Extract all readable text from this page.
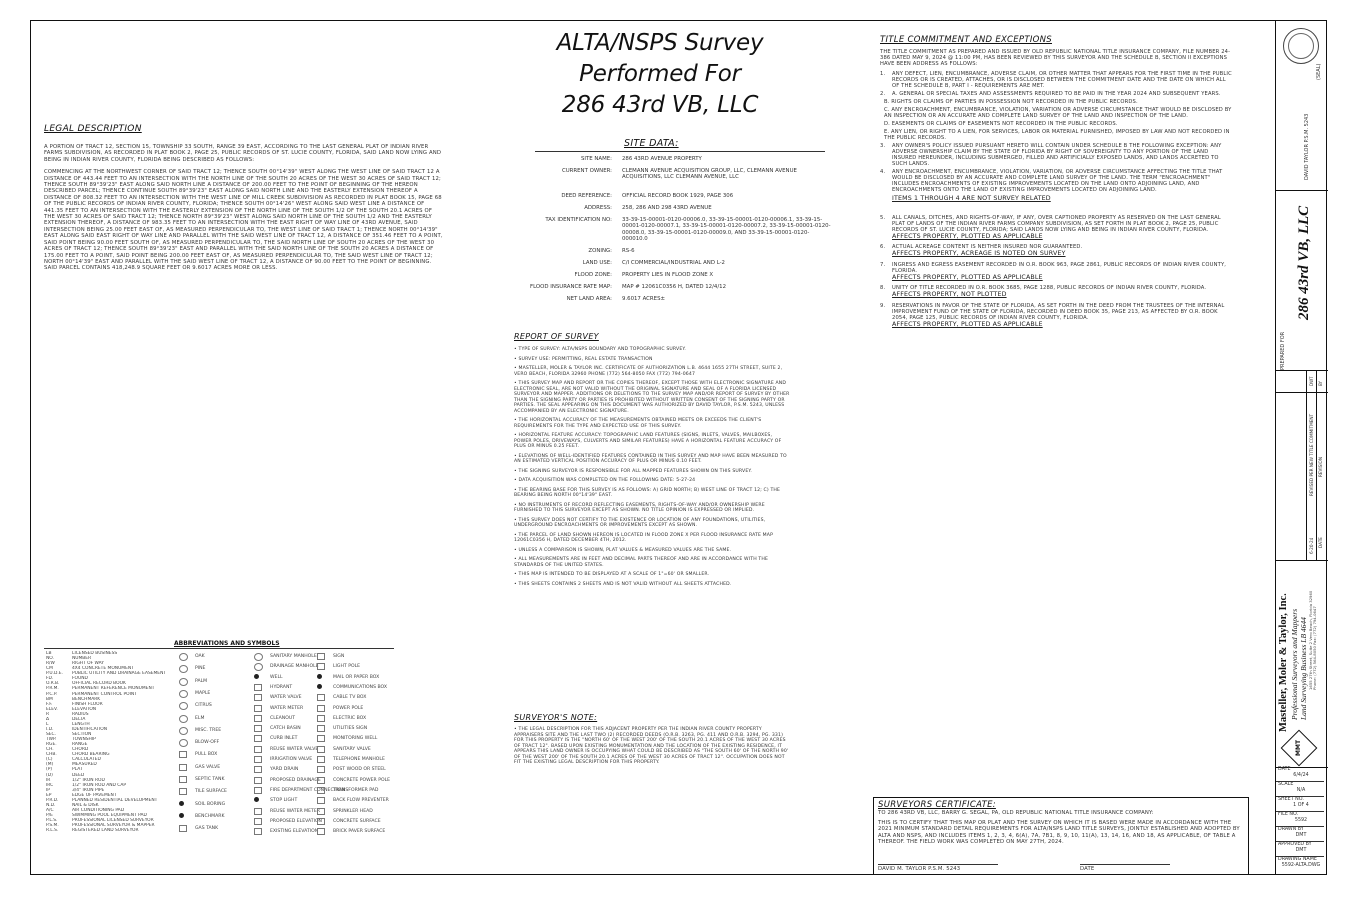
ALTA/NSPS Survey
Performed For
286 43rd VB, LLC
LEGAL DESCRIPTION
A PORTION OF TRACT 12, SECTION 15, TOWNSHIP 33 SOUTH, RANGE 39 EAST, ACCORDING TO THE LAST GENERAL PLAT OF INDIAN RIVER FARMS SUBDIVISION, AS RECORDED IN PLAT BOOK 2, PAGE 25, PUBLIC RECORDS OF ST. LUCIE COUNTY, FLORIDA, SAID LAND NOW LYING AND BEING IN INDIAN RIVER COUNTY, FLORIDA BEING DESCRIBED AS FOLLOWS:
COMMENCING AT THE NORTHWEST CORNER OF SAID TRACT 12; THENCE SOUTH 00°14'39" WEST ALONG THE WEST LINE OF SAID TRACT 12 A DISTANCE OF 443.44 FEET TO AN INTERSECTION WITH THE NORTH LINE OF THE SOUTH 20 ACRES OF THE WEST 30 ACRES OF SAID TRACT 12; THENCE SOUTH 89°39'23" EAST ALONG SAID NORTH LINE A DISTANCE OF 200.00 FEET TO THE POINT OF BEGINNING OF THE HEREON DESCRIBED PARCEL; THENCE CONTINUE SOUTH 89°39'23" EAST ALONG SAID NORTH LINE AND THE EASTERLY EXTENSION THEREOF A DISTANCE OF 808.32 FEET TO AN INTERSECTION WITH THE WEST LINE OF MILL CREEK SUBDIVISION AS RECORDED IN PLAT BOOK 15, PAGE 68 OF THE PUBLIC RECORDS OF INDIAN RIVER COUNTY, FLORIDA; THENCE SOUTH 00°14'26" WEST ALONG SAID WEST LINE A DISTANCE OF 441.35 FEET TO AN INTERSECTION WITH THE EASTERLY EXTENSION OF THE NORTH LINE OF THE SOUTH 1/2 OF THE SOUTH 20.1 ACRES OF THE WEST 30 ACRES OF SAID TRACT 12; THENCE NORTH 89°39'23" WEST ALONG SAID NORTH LINE OF THE SOUTH 1/2 AND THE EASTERLY EXTENSION THEREOF, A DISTANCE OF 983.35 FEET TO AN INTERSECTION WITH THE EAST RIGHT OF WAY LINE OF 43RD AVENUE, SAID INTERSECTION BEING 25.00 FEET EAST OF, AS MEASURED PERPENDICULAR TO, THE WEST LINE OF SAID TRACT 1; THENCE NORTH 00°14'39" EAST ALONG SAID EAST RIGHT OF WAY LINE AND PARALLEL WITH THE SAID WEST LINE OF TRACT 12, A DISTANCE OF 351.46 FEET TO A POINT, SAID POINT BEING 90.00 FEET SOUTH OF, AS MEASURED PERPENDICULAR TO, THE SAID NORTH LINE OF SOUTH 20 ACRES OF THE WEST 30 ACRES OF TRACT 12; THENCE SOUTH 89°39'23" EAST AND PARALLEL WITH THE SAID NORTH LINE OF THE SOUTH 20 ACRES A DISTANCE OF 175.00 FEET TO A POINT, SAID POINT BEING 200.00 FEET EAST OF, AS MEASURED PERPENDICULAR TO, THE SAID WEST LINE OF TRACT 12; NORTH 00°14'39" EAST AND PARALLEL WITH THE SAID WEST LINE OF TRACT 12, A DISTANCE OF 90.00 FEET TO THE POINT OF BEGINNING. SAID PARCEL CONTAINS 418,248.9 SQUARE FEET OR 9.6017 ACRES MORE OR LESS.
SITE DATA:
SITE NAME: 286 43RD AVENUE PROPERTY
CURRENT OWNER: CLEMANN AVENUE ACQUISITION GROUP, LLC, CLEMANN AVENUE ACQUISITIONS, LLC CLEMANN AVENUE, LLC
DEED REFERENCE: OFFICIAL RECORD BOOK 1929, PAGE 306
ADDRESS: 258, 286 AND 298 43RD AVENUE
TAX IDENTIFICATION NO: 33-39-15-00001-0120-00006.0, 33-39-15-00001-0120-00006.1, 33-39-15-00001-0120-00007.1, 33-39-15-00001-0120-00007.2, 33-39-15-00001-0120-00008.0, 33-39-15-00001-0120-00009.0, AND 33-39-15-00001-0120-000010.0
ZONING: RS-6
LAND USE: C/I COMMERCIAL/INDUSTRIAL AND L-2
FLOOD ZONE: PROPERTY LIES IN FLOOD ZONE X
FLOOD INSURANCE RATE MAP: MAP # 12061C0356 H, DATED 12/4/12
NET LAND AREA: 9.6017 ACRES±
REPORT OF SURVEY
• TYPE OF SURVEY: ALTA/NSPS BOUNDARY AND TOPOGRAPHIC SURVEY.
• SURVEY USE: PERMITTING, REAL ESTATE TRANSACTION
• MASTELLER, MOLER & TAYLOR INC. CERTIFICATE OF AUTHORIZATION L.B. 4644 1655 27TH STREET, SUITE 2, VERO BEACH, FLORIDA 32960 PHONE (772) 564-8050 FAX (772) 794-0647
• THIS SURVEY MAP AND REPORT OR THE COPIES THEREOF, EXCEPT THOSE WITH ELECTRONIC SIGNATURE AND ELECTRONIC SEAL, ARE NOT VALID WITHOUT THE ORIGINAL SIGNATURE AND SEAL OF A FLORIDA LICENSED SURVEYOR AND MAPPER. ADDITIONS OR DELETIONS TO THE SURVEY MAP AND/OR REPORT OF SURVEY BY OTHER THAN THE SIGNING PARTY OR PARTIES IS PROHIBITED WITHOUT WRITTEN CONSENT OF THE SIGNING PARTY OR PARTIES. THE SEAL APPEARING ON THIS DOCUMENT WAS AUTHORIZED BY DAVID TAYLOR, P.S.M. 5243, UNLESS ACCOMPANIED BY AN ELECTRONIC SIGNATURE.
• THE HORIZONTAL ACCURACY OF THE MEASUREMENTS OBTAINED MEETS OR EXCEEDS THE CLIENT'S REQUIREMENTS FOR THE TYPE AND EXPECTED USE OF THIS SURVEY.
• HORIZONTAL FEATURE ACCURACY: TOPOGRAPHIC LAND FEATURES (SIGNS, INLETS, VALVES, MAILBOXES, POWER POLES, DRIVEWAYS, CULVERTS AND SIMILAR FEATURES) HAVE A HORIZONTAL FEATURE ACCURACY OF PLUS OR MINUS 0.25 FEET.
• ELEVATIONS OF WELL-IDENTIFIED FEATURES CONTAINED IN THIS SURVEY AND MAP HAVE BEEN MEASURED TO AN ESTIMATED VERTICAL POSITION ACCURACY OF PLUS OR MINUS 0.10 FEET.
• THE SIGNING SURVEYOR IS RESPONSIBLE FOR ALL MAPPED FEATURES SHOWN ON THIS SURVEY.
• DATA ACQUISITION WAS COMPLETED ON THE FOLLOWING DATE: 5-27-24
• THE BEARING BASE FOR THIS SURVEY IS AS FOLLOWS: A) GRID NORTH; B) WEST LINE OF TRACT 12; C) THE BEARING BEING NORTH 00°14'39" EAST.
• NO INSTRUMENTS OF RECORD REFLECTING EASEMENTS, RIGHTS-OF-WAY AND/OR OWNERSHIP WERE FURNISHED TO THIS SURVEYOR EXCEPT AS SHOWN. NO TITLE OPINION IS EXPRESSED OR IMPLIED.
• THIS SURVEY DOES NOT CERTIFY TO THE EXISTENCE OR LOCATION OF ANY FOUNDATIONS, UTILITIES, UNDERGROUND ENCROACHMENTS OR IMPROVEMENTS EXCEPT AS SHOWN.
• THE PARCEL OF LAND SHOWN HEREON IS LOCATED IN FLOOD ZONE X PER FLOOD INSURANCE RATE MAP 12061C0356 H, DATED DECEMBER 4TH, 2012.
• UNLESS A COMPARISON IS SHOWN, PLAT VALUES & MEASURED VALUES ARE THE SAME.
• ALL MEASUREMENTS ARE IN FEET AND DECIMAL PARTS THEREOF AND ARE IN ACCORDANCE WITH THE STANDARDS OF THE UNITED STATES.
• THIS MAP IS INTENDED TO BE DISPLAYED AT A SCALE OF 1"=60' OR SMALLER.
• THIS SHEETS CONTAINS 2 SHEETS AND IS NOT VALID WITHOUT ALL SHEETS ATTACHED.
SURVEYOR'S NOTE:
• THE LEGAL DESCRIPTION FOR THIS ADJACENT PROPERTY PER THE INDIAN RIVER COUNTY PROPERTY APPRAISERS SITE AND THE LAST TWO (2) RECORDED DEEDS (O.R.B. 3263, PG. 411 AND O.R.B. 3294, PG. 331) FOR THIS PROPERTY IS THE "NORTH 60' OF THE WEST 200' OF THE SOUTH 20.1 ACRES OF THE WEST 30 ACRES OF TRACT 12". BASED UPON EXISTING MONUMENTATION AND THE LOCATION OF THE EXISTING RESIDENCE, IT APPEARS THIS LAND OWNER IS OCCUPYING WHAT COULD BE DESCRIBED AS "THE SOUTH 60' OF THE NORTH 90' OF THE WEST 200' OF THE SOUTH 20.1 ACRES OF THE WEST 30 ACRES OF TRACT 12". OCCUPATION DOES NOT FIT THE EXISTING LEGAL DESCRIPTION FOR THIS PROPERTY.
TITLE COMMITMENT AND EXCEPTIONS
THE TITLE COMMITMENT AS PREPARED AND ISSUED BY OLD REPUBLIC NATIONAL TITLE INSURANCE COMPANY, FILE NUMBER 24-386 DATED MAY 9, 2024 @ 11:00 PM, HAS BEEN REVIEWED BY THIS SURVEYOR AND THE SCHEDULE B, SECTION II EXCEPTIONS HAVE BEEN ADDRESS AS FOLLOWS:
1. ANY DEFECT, LIEN, ENCUMBRANCE, ADVERSE CLAIM, OR OTHER MATTER THAT APPEARS FOR THE FIRST TIME IN THE PUBLIC RECORDS OR IS CREATED, ATTACHES, OR IS DISCLOSED BETWEEN THE COMMITMENT DATE AND THE DATE ON WHICH ALL OF THE SCHEDULE B, PART I - REQUIREMENTS ARE MET.
2. A. GENERAL OR SPECIAL TAXES AND ASSESSMENTS REQUIRED TO BE PAID IN THE YEAR 2024 AND SUBSEQUENT YEARS.
B. RIGHTS OR CLAIMS OF PARTIES IN POSSESSION NOT RECORDED IN THE PUBLIC RECORDS.
C. ANY ENCROACHMENT, ENCUMBRANCE, VIOLATION, VARIATION OR ADVERSE CIRCUMSTANCE THAT WOULD BE DISCLOSED BY AN INSPECTION OR AN ACCURATE AND COMPLETE LAND SURVEY OF THE LAND AND INSPECTION OF THE LAND.
D. EASEMENTS OR CLAIMS OF EASEMENTS NOT RECORDED IN THE PUBLIC RECORDS.
E. ANY LIEN, OR RIGHT TO A LIEN, FOR SERVICES, LABOR OR MATERIAL FURNISHED, IMPOSED BY LAW AND NOT RECORDED IN THE PUBLIC RECORDS.
3. ANY OWNER'S POLICY ISSUED PURSUANT HERETO WILL CONTAIN UNDER SCHEDULE B THE FOLLOWING EXCEPTION: ANY ADVERSE OWNERSHIP CLAIM BY THE STATE OF FLORIDA BY RIGHT OF SOVEREIGNTY TO ANY PORTION OF THE LAND INSURED HEREUNDER, INCLUDING SUBMERGED, FILLED AND ARTIFICIALLY EXPOSED LANDS, AND LANDS ACCRETED TO SUCH LANDS.
4. ANY ENCROACHMENT, ENCUMBRANCE, VIOLATION, VARIATION, OR ADVERSE CIRCUMSTANCE AFFECTING THE TITLE THAT WOULD BE DISCLOSED BY AN ACCURATE AND COMPLETE LAND SURVEY OF THE LAND. THE TERM "ENCROACHMENT" INCLUDES ENCROACHMENTS OF EXISTING IMPROVEMENTS LOCATED ON THE LAND ONTO ADJOINING LAND, AND ENCROACHMENTS ONTO THE LAND OF EXISTING IMPROVEMENTS LOCATED ON ADJOINING LAND.
ITEMS 1 THROUGH 4 ARE NOT SURVEY RELATED
5. ALL CANALS, DITCHES, AND RIGHTS-OF-WAY, IF ANY, OVER CAPTIONED PROPERTY AS RESERVED ON THE LAST GENERAL PLAT OF LANDS OF THE INDIAN RIVER FARMS COMPANY SUBDIVISION, AS SET FORTH IN PLAT BOOK 2, PAGE 25, PUBLIC RECORDS OF ST. LUCIE COUNTY, FLORIDA; SAID LANDS NOW LYING AND BEING IN INDIAN RIVER COUNTY, FLORIDA.
AFFECTS PROPERTY, PLOTTED AS APPLICABLE
6. ACTUAL ACREAGE CONTENT IS NEITHER INSURED NOR GUARANTEED.
AFFECTS PROPERTY, ACREAGE IS NOTED ON SURVEY
7. INGRESS AND EGRESS EASEMENT RECORDED IN O.R. BOOK 963, PAGE 2861, PUBLIC RECORDS OF INDIAN RIVER COUNTY, FLORIDA.
AFFECTS PROPERTY, PLOTTED AS APPLICABLE
8. UNITY OF TITLE RECORDED IN O.R. BOOK 3685, PAGE 1288, PUBLIC RECORDS OF INDIAN RIVER COUNTY, FLORIDA.
AFFECTS PROPERTY, NOT PLOTTED
9. RESERVATIONS IN FAVOR OF THE STATE OF FLORIDA, AS SET FORTH IN THE DEED FROM THE TRUSTEES OF THE INTERNAL IMPROVEMENT FUND OF THE STATE OF FLORIDA, RECORDED IN DEED BOOK 35, PAGE 213, AS AFFECTED BY O.R. BOOK 2054, PAGE 125, PUBLIC RECORDS OF INDIAN RIVER COUNTY, FLORIDA.
AFFECTS PROPERTY, PLOTTED AS APPLICABLE
SURVEYORS CERTIFICATE:
TO 286 43RD VB, LLC, BARRY G. SEGAL, PA, OLD REPUBLIC NATIONAL TITLE INSURANCE COMPANY:
THIS IS TO CERTIFY THAT THIS MAP OR PLAT AND THE SURVEY ON WHICH IT IS BASED WERE MADE IN ACCORDANCE WITH THE 2021 MINIMUM STANDARD DETAIL REQUIREMENTS FOR ALTA/NSPS LAND TITLE SURVEYS, JOINTLY ESTABLISHED AND ADOPTED BY ALTA AND NSPS, AND INCLUDES ITEMS 1, 2, 3, 4, 6(A), 7A, 7B1, 8, 9, 10, 11(A), 13, 14, 16, AND 18, AS APPLICABLE, OF TABLE A THEREOF. THE FIELD WORK WAS COMPLETED ON MAY 27TH, 2024.
DAVID M. TAYLOR P.S.M. 5243	DATE
ABBREVIATIONS AND SYMBOLS
LB	LICENSED BUSINESS
NO.	NUMBER
R/W	RIGHT OF WAY
CM	4X4 CONCRETE MONUMENT
P.U.D.E. PUBLIC UTILITY AND DRAINAGE EASEMENT
FD.	FOUND
O.R.B.	OFFICIAL RECORD BOOK
P.R.M.	PERMANENT REFERENCE MONUMENT
P.C.P.	PERMANENT CONTROL POINT
BM	BENCHMARK
F.F.	FINISH FLOOR
ELEV.	ELEVATION
R	RADIUS
Δ	DELTA
L	LENGTH
I.D.	IDENTIFICATION
SEC.	SECTION
TWP.	TOWNSHIP
RGE.	RANGE
CH.	CHORD
CHB.	CHORD BEARING
(C)	CALCULATED
(M)	MEASURED
(P)	PLAT
(D)	DEED
IR	1/2" IRON ROD
IRC	1/2" IRON ROD AND CAP
IP	3/4" IRON PIPE
EP	EDGE OF PAVEMENT
P.R.D.	PLANNED RESIDENTIAL DEVELOPMENT
N.D.	NAIL & DISK
A/C	AIR CONDITIONING PAD
P/E	SWIMMING POOL EQUIPMENT PAD
P.L.S.	PROFESSIONAL LICENSED SURVEYOR
P.S.M.	PROFESSIONAL SURVEYOR & MAPPER
R.L.S.	REGISTERED LAND SURVEYOR
OAK
PINE
PALM
MAPLE
CITRUS
ELM
MISC. TREE
BLOW-OFF
PULL BOX
GAS VALVE
SEPTIC TANK
TILE SURFACE
SOIL BORING
BENCHMARK
GAS TANK
SANITARY MANHOLE
DRAINAGE MANHOLE
WELL
HYDRANT
WATER VALVE
WATER METER
CLEANOUT
CATCH BASIN
CURB INLET
REUSE WATER VALVE
IRRIGATION VALVE
YARD DRAIN
PROPOSED DRAINAGE
FIRE DEPARTMENT CONNECTION
STOP LIGHT
REUSE WATER METER
PROPOSED ELEVATION
EXISTING ELEVATION
SIGN
LIGHT POLE
MAIL OR PAPER BOX
COMMUNICATIONS BOX
CABLE TV BOX
POWER POLE
ELECTRIC BOX
UTILITIES SIGN
MONITORING WELL
SANITARY VALVE
TELEPHONE MANHOLE
POST WOOD OR STEEL
CONCRETE POWER POLE
TRANSFORMER PAD
BACK FLOW PREVENTER
SPRINKLER HEAD
CONCRETE SURFACE
BRICK PAVER SURFACE
(SEAL)
DAVID TAYLOR P.S.M. 5243
286 43rd VB, LLC
PREPARED FOR
DWT BY
REVISED PER NEW TITLE COMMITMENT REVISION
6-20-24 DATE
Masteller, Moler & Taylor, Inc. Professional Surveyors and Mappers Land Surveying Business LB 4644 1655 27th Street, Suite 2 Vero Beach, Florida 32960 Phone: (772) 564-8050 Fax: (772) 794-0647
MMT
DATE
6/4/24
SCALE
N/A
SHEET NO.
1 OF 4
FILE NO.
5592
DRAWN BY
DMT
APPROVED BY
DMT
DRAWING NAME
5592-ALTA.DWG
